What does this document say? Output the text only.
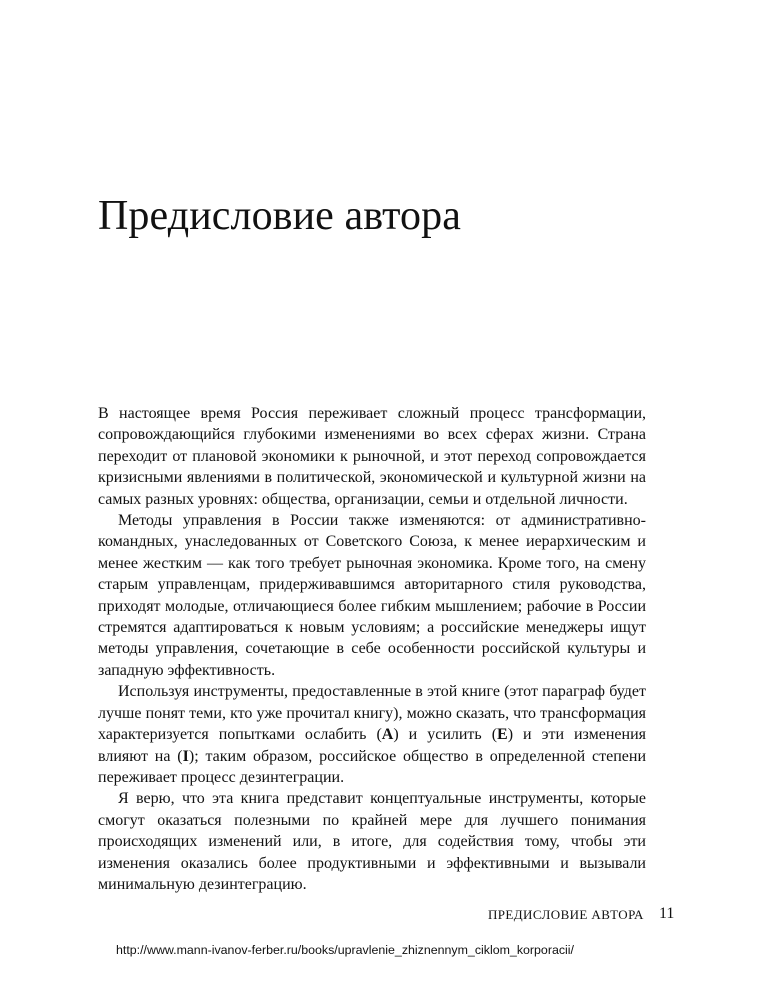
Предисловие автора

В настоящее время Россия переживает сложный процесс трансформации, сопровождающийся глубокими изменениями во всех сферах жизни. Страна переходит от плановой экономики к рыночной, и этот переход сопровождается кризисными явлениями в политической, экономической и культурной жизни на самых разных уровнях: общества, организации, семьи и отдельной личности.

Методы управления в России также изменяются: от административно-командных, унаследованных от Советского Союза, к менее иерархическим и менее жестким — как того требует рыночная экономика. Кроме того, на смену старым управленцам, придерживавшимся авторитарного стиля руководства, приходят молодые, отличающиеся более гибким мышлением; рабочие в России стремятся адаптироваться к новым условиям; а российские менеджеры ищут методы управления, сочетающие в себе особенности российской культуры и западную эффективность.

Используя инструменты, предоставленные в этой книге (этот параграф будет лучше понят теми, кто уже прочитал книгу), можно сказать, что трансформация характеризуется попытками ослабить (A) и усилить (E) и эти изменения влияют на (I); таким образом, российское общество в определенной степени переживает процесс дезинтеграции.

Я верю, что эта книга представит концептуальные инструменты, которые смогут оказаться полезными по крайней мере для лучшего понимания происходящих изменений или, в итоге, для содействия тому, чтобы эти изменения оказались более продуктивными и эффективными и вызывали минимальную дезинтеграцию.

ПРЕДИСЛОВИЕ АВТОРА 11
http://www.mann-ivanov-ferber.ru/books/upravlenie_zhiznennym_ciklom_korporacii/
